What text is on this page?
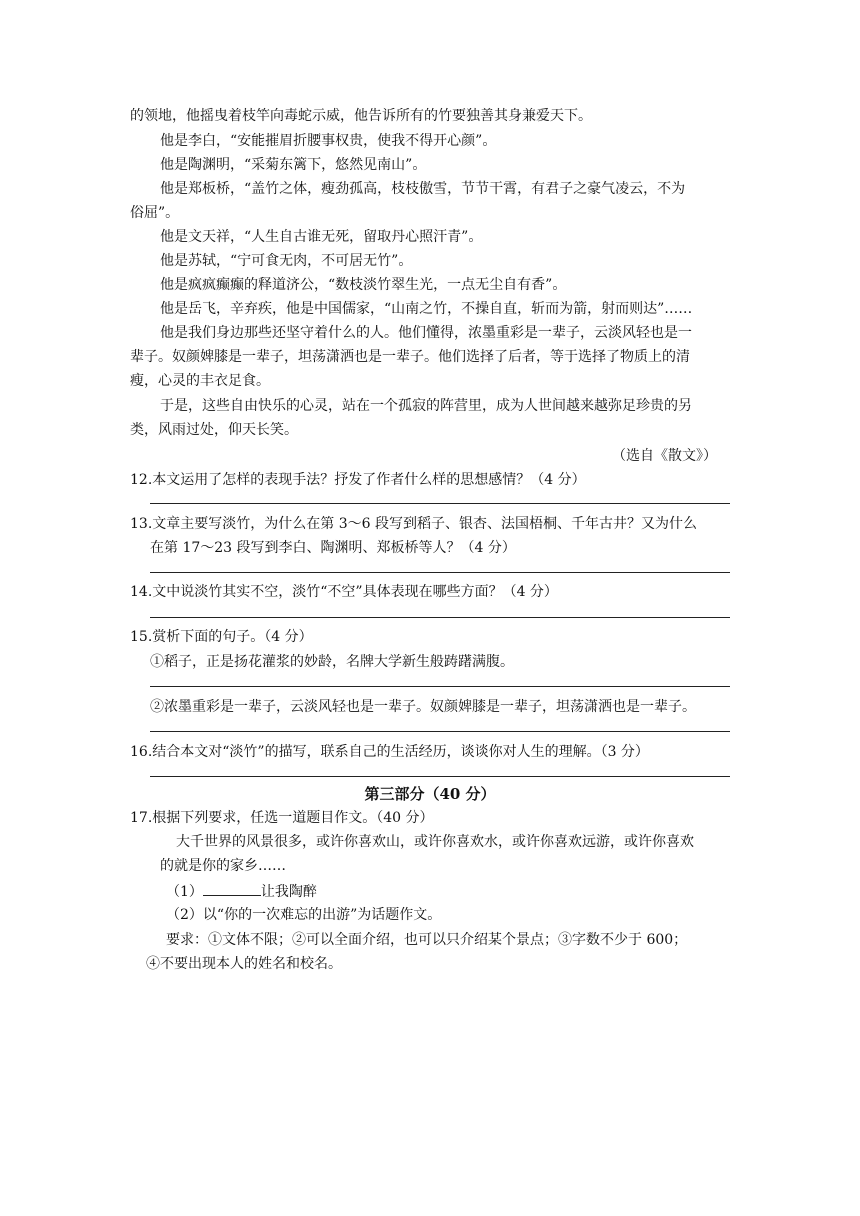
的领地，他摇曳着枝竿向毒蛇示威，他告诉所有的竹要独善其身兼爱天下。
他是李白，“安能摧眉折腰事权贵，使我不得开心颜”。
他是陶渊明，“采菊东篱下，悠然见南山”。
他是郑板桥，“盖竹之体，瘦劲孤高，枝枝傲雪，节节干霄，有君子之豪气凌云，不为
俗屈”。
他是文天祥，“人生自古谁无死，留取丹心照汗青”。
他是苏轼，“宁可食无肉，不可居无竹”。
他是疯疯癫癫的释道济公，“数枝淡竹翠生光，一点无尘自有香”。
他是岳飞，辛弃疾，他是中国儒家，“山南之竹，不操自直，斩而为箭，射而则达”……
他是我们身边那些还坚守着什么的人。他们懂得，浓墨重彩是一辈子，云淡风轻也是一
辈子。奴颜婢膝是一辈子，坦荡潇洒也是一辈子。他们选择了后者，等于选择了物质上的清
瘦，心灵的丰衣足食。
于是，这些自由快乐的心灵，站在一个孤寂的阵营里，成为人世间越来越弥足珍贵的另
类，风雨过处，仰天长笑。
（选自《散文》）
12.本文运用了怎样的表现手法？抒发了作者什么样的思想感情？（4 分）
13.文章主要写淡竹，为什么在第 3～6 段写到稻子、银杏、法国梧桐、千年古井？又为什么
在第 17～23 段写到李白、陶渊明、郑板桥等人？（4 分）
14.文中说淡竹其实不空，淡竹“不空”具体表现在哪些方面？（4 分）
15.赏析下面的句子。（4 分）
①稻子，正是扬花灌浆的妙龄，名牌大学新生般踌躇满腹。
②浓墨重彩是一辈子，云淡风轻也是一辈子。奴颜婢膝是一辈子，坦荡潇洒也是一辈子。
16.结合本文对“淡竹”的描写，联系自己的生活经历，谈谈你对人生的理解。（3 分）
第三部分（40 分）
17.根据下列要求，任选一道题目作文。（40 分）
大千世界的风景很多，或许你喜欢山，或许你喜欢水，或许你喜欢远游，或许你喜欢
的就是你的家乡……
（1）	让我陶醉
（2）以“你的一次难忘的出游”为话题作文。
要求：①文体不限；②可以全面介绍，也可以只介绍某个景点；③字数不少于 600；
④不要出现本人的姓名和校名。
